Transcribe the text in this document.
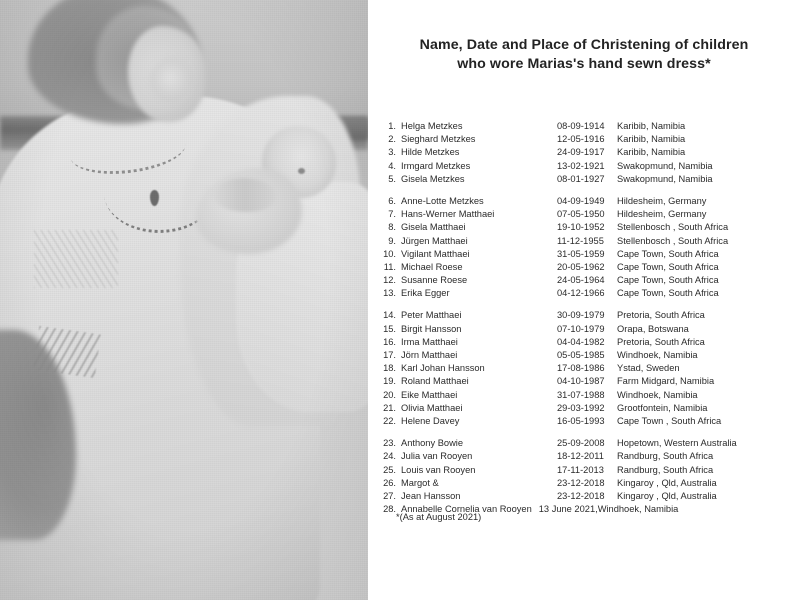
Name, Date and Place of Christening of children
who wore Marias's hand sewn dress*
1. Helga Metzkes	08-09-1914	Karibib, Namibia
2. Sieghard Metzkes	12-05-1916	Karibib, Namibia
3. Hilde Metzkes	24-09-1917	Karibib, Namibia
4. Irmgard Metzkes	13-02-1921	Swakopmund, Namibia
5. Gisela Metzkes	08-01-1927	Swakopmund, Namibia
6. Anne-Lotte Metzkes	04-09-1949	Hildesheim, Germany
7. Hans-Werner Matthaei	07-05-1950	Hildesheim, Germany
8. Gisela Matthaei	19-10-1952	Stellenbosch , South Africa
9. Jürgen Matthaei	11-12-1955	Stellenbosch , South Africa
10. Vigilant Matthaei	31-05-1959	Cape Town, South Africa
11. Michael Roese	20-05-1962	Cape Town, South Africa
12. Susanne Roese	24-05-1964	Cape Town, South Africa
13. Erika Egger	04-12-1966	Cape Town, South Africa
14. Peter Matthaei	30-09-1979	Pretoria, South Africa
15. Birgit Hansson	07-10-1979	Orapa, Botswana
16. Irma Matthaei	04-04-1982	Pretoria, South Africa
17. Jörn Matthaei	05-05-1985	Windhoek, Namibia
18. Karl Johan Hansson	17-08-1986	Ystad, Sweden
19. Roland Matthaei	04-10-1987	Farm Midgard, Namibia
20. Eike Matthaei	31-07-1988	Windhoek, Namibia
21. Olivia Matthaei	29-03-1992	Grootfontein, Namibia
22. Helene Davey	16-05-1993	Cape Town , South Africa
23. Anthony Bowie	25-09-2008	Hopetown, Western Australia
24. Julia van Rooyen	18-12-2011	Randburg, South Africa
25. Louis van Rooyen	17-11-2013	Randburg, South Africa
26. Margot &	23-12-2018	Kingaroy , Qld, Australia
27. Jean Hansson	23-12-2018	Kingaroy , Qld, Australia
28. Annabelle Cornelia van Rooyen 13 June 2021, Windhoek, Namibia
*(As at August 2021)
